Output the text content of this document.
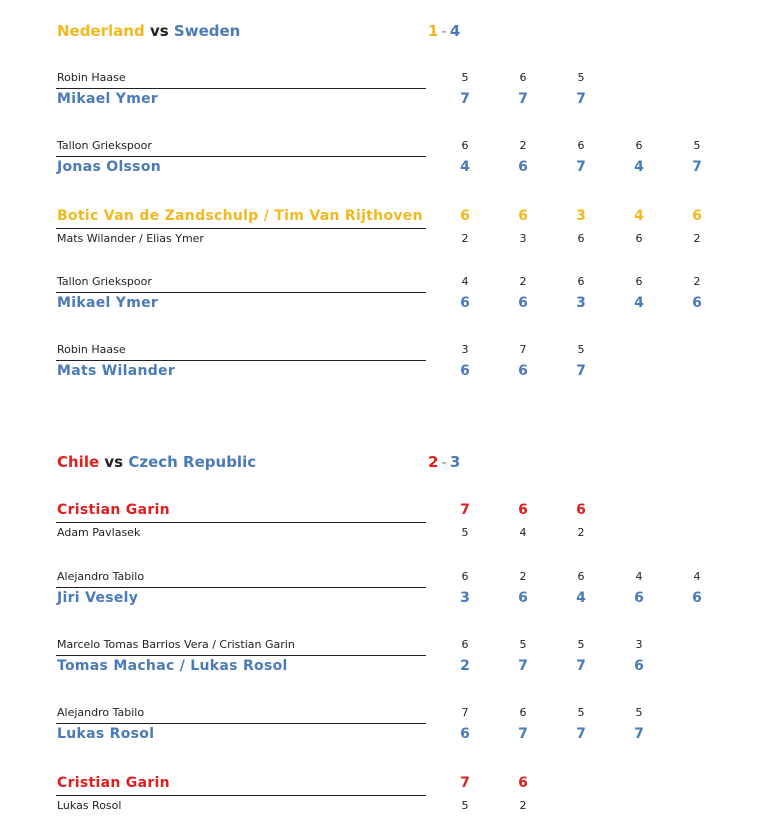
Nederland vs Sweden	1 - 4
Robin Haase	5	6	5
Mikael Ymer	7	7	7
Tallon Griekspoor	6	2	6	6	5
Jonas Olsson	4	6	7	4	7
Botic Van de Zandschulp / Tim Van Rijthoven	6	6	3	4	6
Mats Wilander / Elias Ymer	2	3	6	6	2
Tallon Griekspoor	4	2	6	6	2
Mikael Ymer	6	6	3	4	6
Robin Haase	3	7	5
Mats Wilander	6	6	7
Chile vs Czech Republic	2 - 3
Cristian Garin	7	6	6
Adam Pavlasek	5	4	2
Alejandro Tabilo	6	2	6	4	4
Jiri Vesely	3	6	4	6	6
Marcelo Tomas Barrios Vera / Cristian Garin	6	5	5	3
Tomas Machac / Lukas Rosol	2	7	7	6
Alejandro Tabilo	7	6	5	5
Lukas Rosol	6	7	7	7
Cristian Garin	7	6
Lukas Rosol	5	2
